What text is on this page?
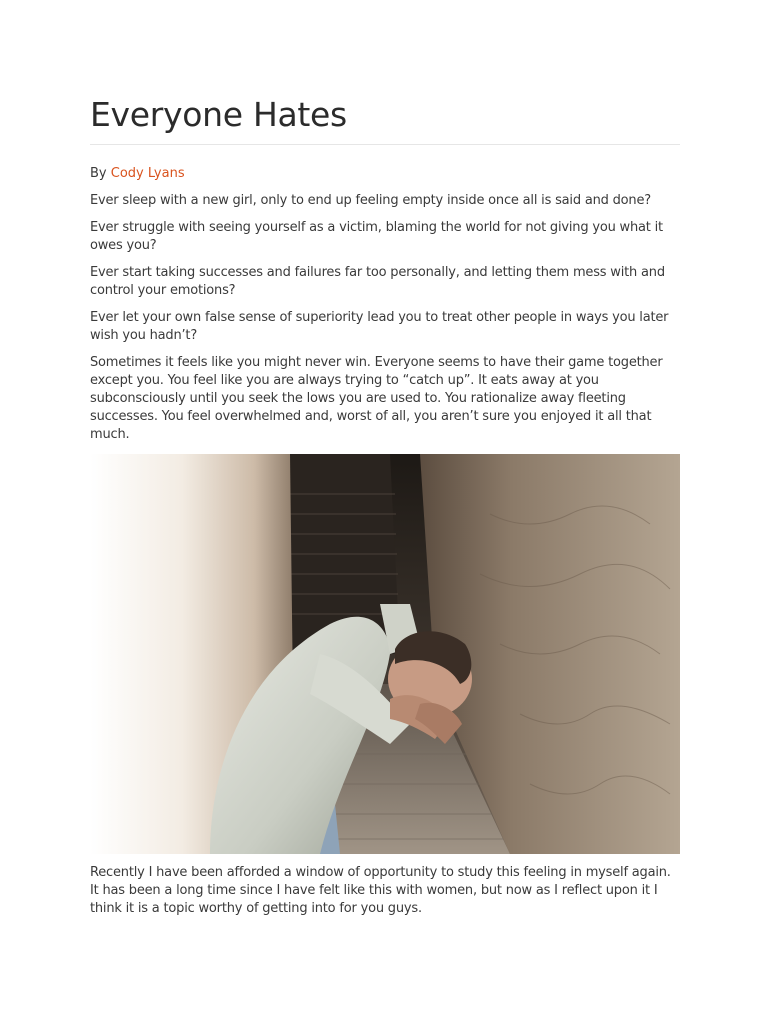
Everyone Hates
By Cody Lyans

Ever sleep with a new girl, only to end up feeling empty inside once all is said and done?

Ever struggle with seeing yourself as a victim, blaming the world for not giving you what it owes you?

Ever start taking successes and failures far too personally, and letting them mess with and control your emotions?

Ever let your own false sense of superiority lead you to treat other people in ways you later wish you hadn’t?

Sometimes it feels like you might never win. Everyone seems to have their game together except you. You feel like you are always trying to “catch up”. It eats away at you subconsciously until you seek the lows you are used to. You rationalize away fleeting successes. You feel overwhelmed and, worst of all, you aren’t sure you enjoyed it all that much.

Recently I have been afforded a window of opportunity to study this feeling in myself again. It has been a long time since I have felt like this with women, but now as I reflect upon it I think it is a topic worthy of getting into for you guys.
